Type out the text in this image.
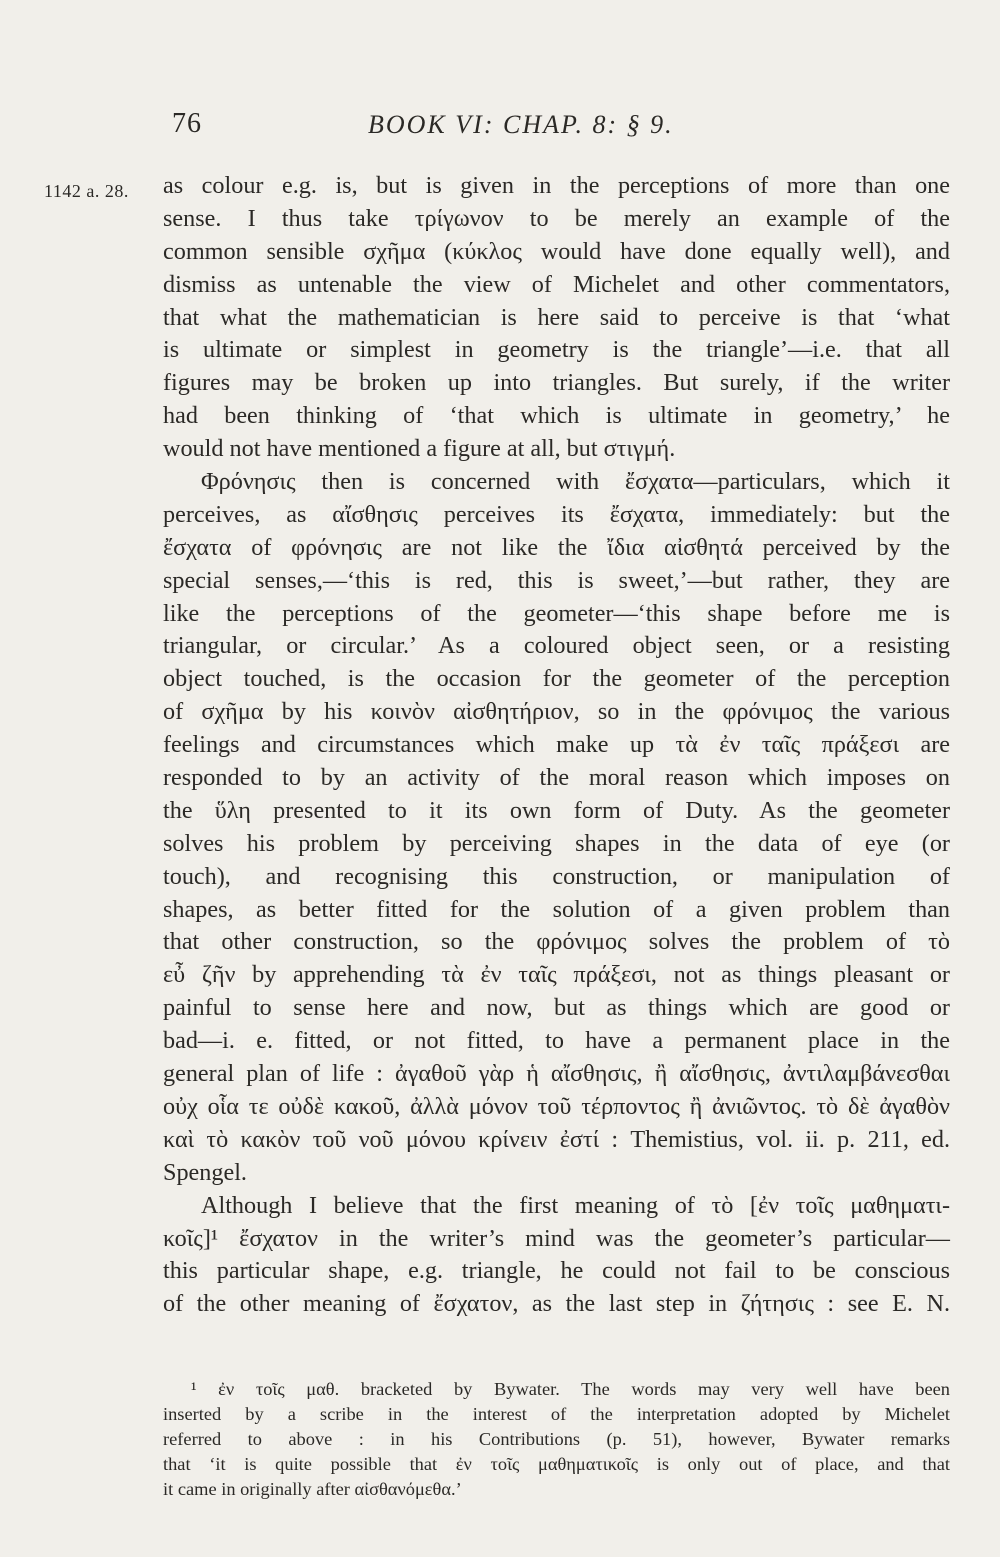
76	BOOK VI: CHAP. 8: § 9.
1142 a. 28. as colour e.g. is, but is given in the perceptions of more than one
sense. I thus take τρίγωνον to be merely an example of the
common sensible σχῆμα (κύκλος would have done equally well), and
dismiss as untenable the view of Michelet and other commentators,
that what the mathematician is here said to perceive is that ‘what
is ultimate or simplest in geometry is the triangle’—i.e. that all
figures may be broken up into triangles. But surely, if the writer
had been thinking of ‘that which is ultimate in geometry,’ he
would not have mentioned a figure at all, but στιγμή.
Φρόνησις then is concerned with ἔσχατα—particulars, which it
perceives, as αἴσθησις perceives its ἔσχατα, immediately: but the
ἔσχατα of φρόνησις are not like the ἴδια αἰσθητά perceived by the
special senses,—‘this is red, this is sweet,’—but rather, they are
like the perceptions of the geometer—‘this shape before me is
triangular, or circular.’ As a coloured object seen, or a resisting
object touched, is the occasion for the geometer of the perception
of σχῆμα by his κοινὸν αἰσθητήριον, so in the φρόνιμος the various
feelings and circumstances which make up τὰ ἐν ταῖς πράξεσι are
responded to by an activity of the moral reason which imposes on
the ὕλη presented to it its own form of Duty. As the geometer
solves his problem by perceiving shapes in the data of eye (or
touch), and recognising this construction, or manipulation of
shapes, as better fitted for the solution of a given problem than
that other construction, so the φρόνιμος solves the problem of τὸ
εὖ ζῆν by apprehending τὰ ἐν ταῖς πράξεσι, not as things pleasant or
painful to sense here and now, but as things which are good or
bad—i. e. fitted, or not fitted, to have a permanent place in the
general plan of life : ἀγαθοῦ γὰρ ἡ αἴσθησις, ἢ αἴσθησις, ἀντιλαμβάνεσθαι
οὐχ οἷα τε οὐδὲ κακοῦ, ἀλλὰ μόνον τοῦ τέρποντος ἢ ἀνιῶντος. τὸ δὲ ἀγαθὸν
καὶ τὸ κακὸν τοῦ νοῦ μόνου κρίνειν ἐστί : Themistius, vol. ii. p. 211, ed.
Spengel.
Although I believe that the first meaning of τὸ [ἐν τοῖς μαθηματι-
κοῖς]¹ ἔσχατον in the writer’s mind was the geometer’s particular—
this particular shape, e.g. triangle, he could not fail to be conscious
of the other meaning of ἔσχατον, as the last step in ζήτησις : see E. N.
¹ ἐν τοῖς μαθ. bracketed by Bywater. The words may very well have been
inserted by a scribe in the interest of the interpretation adopted by Michelet
referred to above : in his Contributions (p. 51), however, Bywater remarks
that ‘it is quite possible that ἐν τοῖς μαθηματικοῖς is only out of place, and that
it came in originally after αἰσθανόμεθα.’
